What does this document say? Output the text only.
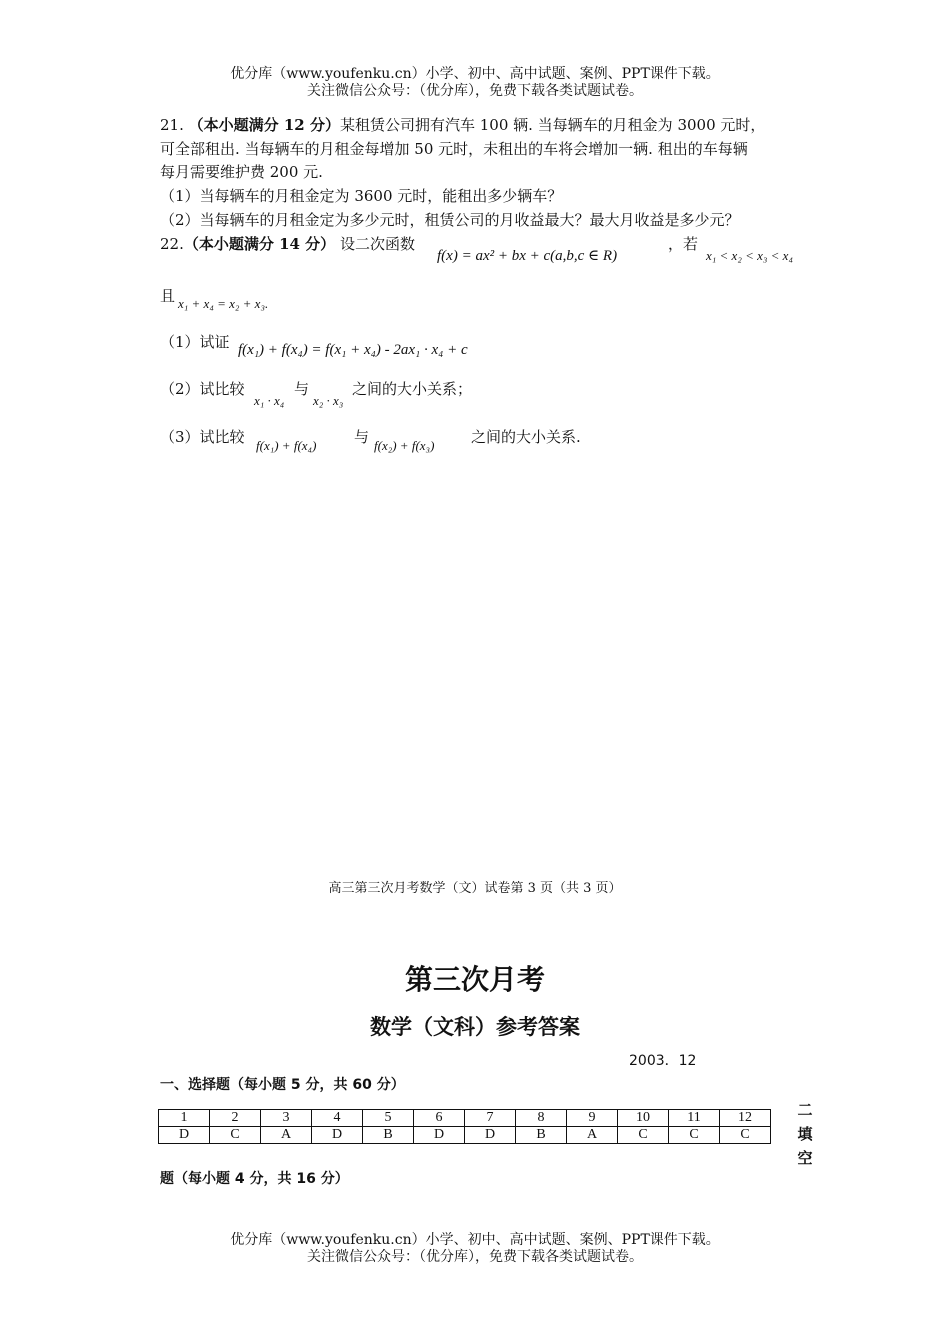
优分库（www.youfenku.cn）小学、初中、高中试题、案例、PPT课件下载。
关注微信公众号：（优分库），免费下载各类试题试卷。
21. （本小题满分 12 分）某租赁公司拥有汽车 100 辆. 当每辆车的月租金为 3000 元时，
可全部租出. 当每辆车的月租金每增加 50 元时，未租出的车将会增加一辆. 租出的车每辆
每月需要维护费 200 元.
（1）当每辆车的月租金定为 3600 元时，能租出多少辆车？
（2）当每辆车的月租金定为多少元时，租赁公司的月收益最大？最大月收益是多少元？
22.（本小题满分 14 分） 设二次函数
f(x) = ax² + bx + c(a,b,c ∈ R)
，若
x₁ < x₂ < x₃ < x₄
且 x₁ + x₄ = x₂ + x₃.
（1）试证 f(x₁) + f(x₄) = f(x₁ + x₄) - 2ax₁ · x₄ + c
（2）试比较
x₁ · x₄
与
x₂ · x₃
之间的大小关系；
（3）试比较 f(x₁) + f(x₄)	与 f(x₂) + f(x₃) 之间的大小关系.
高三第三次月考数学（文）试卷第 3 页（共 3 页）
第三次月考
数学（文科）参考答案
2003．12
一、选择题（每小题 5 分，共 60 分）
1	2	3	4	5	6	7	8	9	10	11	12
D	C	A	D	B	D	D	B	A	C	C	C
二
填
空
题（每小题 4 分，共 16 分）
优分库（www.youfenku.cn）小学、初中、高中试题、案例、PPT课件下载。
关注微信公众号：（优分库），免费下载各类试题试卷。
